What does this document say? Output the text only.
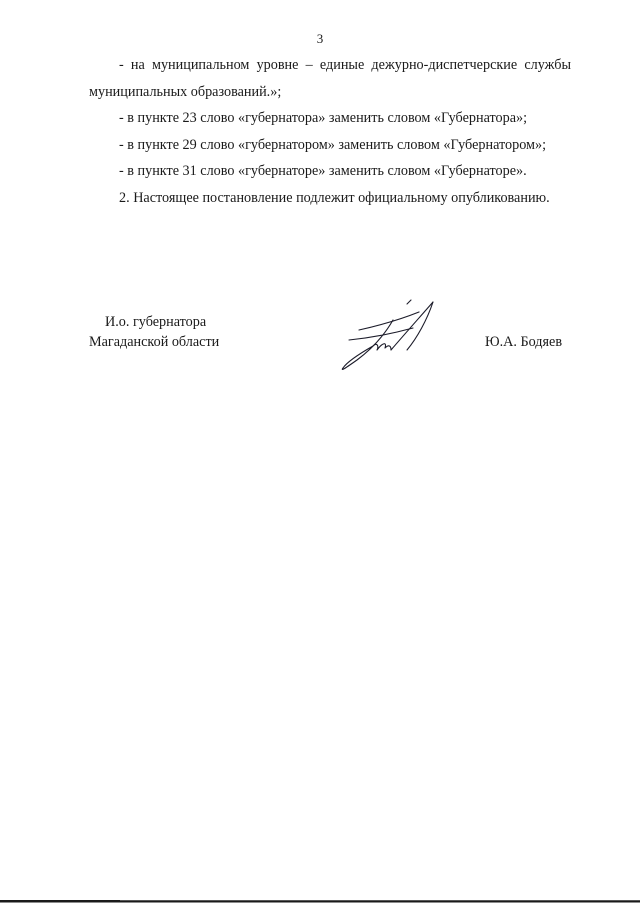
3

- на муниципальном уровне – единые дежурно-диспетчерские службы муниципальных образований.»;

- в пункте 23 слово «губернатора» заменить словом «Губернатора»;

- в пункте 29 слово «губернатором» заменить словом «Губернатором»;

- в пункте 31 слово «губернаторе» заменить словом «Губернаторе».

2. Настоящее постановление подлежит официальному опубликованию.

И.о. губернатора
Магаданской области	Ю.А. Бодяев
